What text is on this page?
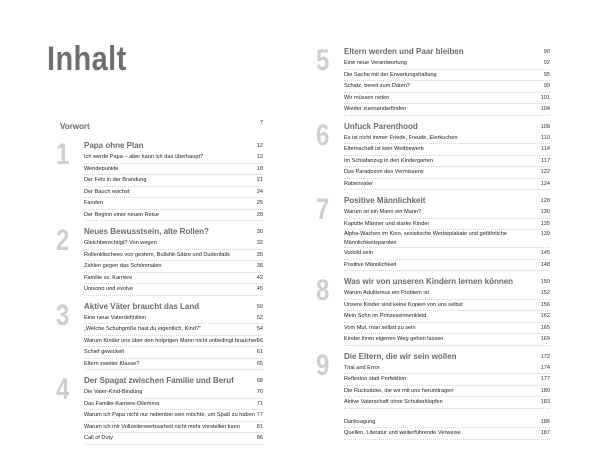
Inhalt
Vorwort	7
1 Papa ohne Plan	12
Ich werde Papa – aber kann ich das überhaupt?	13
Wendepunkte	18
Der Fels in der Brandung	21
Der Bauch wächst	24
Fanden	25
Der Beginn einer neuen Reise	28
2 Neues Bewusstsein, alte Rollen?	30
Gleichberechtigt? Von wegen	32
Rollenklischees von gestern, Bullshit-Sätze und Dudenfails	35
Zahlen gegen das Schönmalen	38
Familie vs. Karriere	42
Unisono und evolve	45
3 Aktive Väter braucht das Land	50
Eine neue Vaterdefinition	52
„Welche Schuhgröße hast du eigentlich, Kind?“	54
Warum Kinder uns über den holprigen Mann nicht unbedingt brauchen
56
Schief gewickelt	61
Eltern zweiter Klasse?	65
4 Der Spagat zwischen Familie und Beruf	68
Die Vater-Kind-Bindung	70
Das Familie-Karriere-Dilemma	71
Warum ich Papa nicht nur nebenbei sein möchte, um Spaß zu haben 77
Warum ich mir Vollzeiterwerbsarbeit nicht mehr vorstellen kann	81
Call of Duty	86
5 Eltern werden und Paar bleiben	90
Eine neue Verantwortung	92
Die Sache mit der Erwartungshaltung	95
Schatz, bereit zum Daten?	99
Wir müssen reden	101
Wieder zueinanderfinden	104
6 Unfuck Parenthood	108
Es ist nicht immer Friede, Freude, Eierkuchen	110
Elternschaft ist kein Wettbewerb	114
Im Schlafanzug in den Kindergarten	117
Das Paradoxon des Vermissens	122
Rabenvater	124
7 Positive Männlichkeit	128
Warum ist ein Mann ein Mann?	130
Kaputte Männer und starke Kinder	135
Alpha-Wachen im Kino, sexistische Werbeplakate und gefährliche Männlichkeitsparolen
139
Vorbild sein	145
Positive Männlichkeit	148
8 Was wir von unseren Kindern lernen können	150
Warum Adultismus ein Problem ist	152
Unsere Kinder sind keine Kopien von uns selbst	156
Mein Sohn im Prinzessinnenkleid	162
Vom Mut, man selbst zu sein	165
Kinder ihren eigenen Weg gehen lassen	169
9 Die Eltern, die wir sein wollen	172
Trial and Error	174
Reflexion statt Perfektion	177
Die Rucksäcke, die wir mit uns herumtragen	180
Aktive Vaterschaft ohne Schulterklopfen	183
Danksagung	186
Quellen, Literatur und weiterführende Verweise	187
